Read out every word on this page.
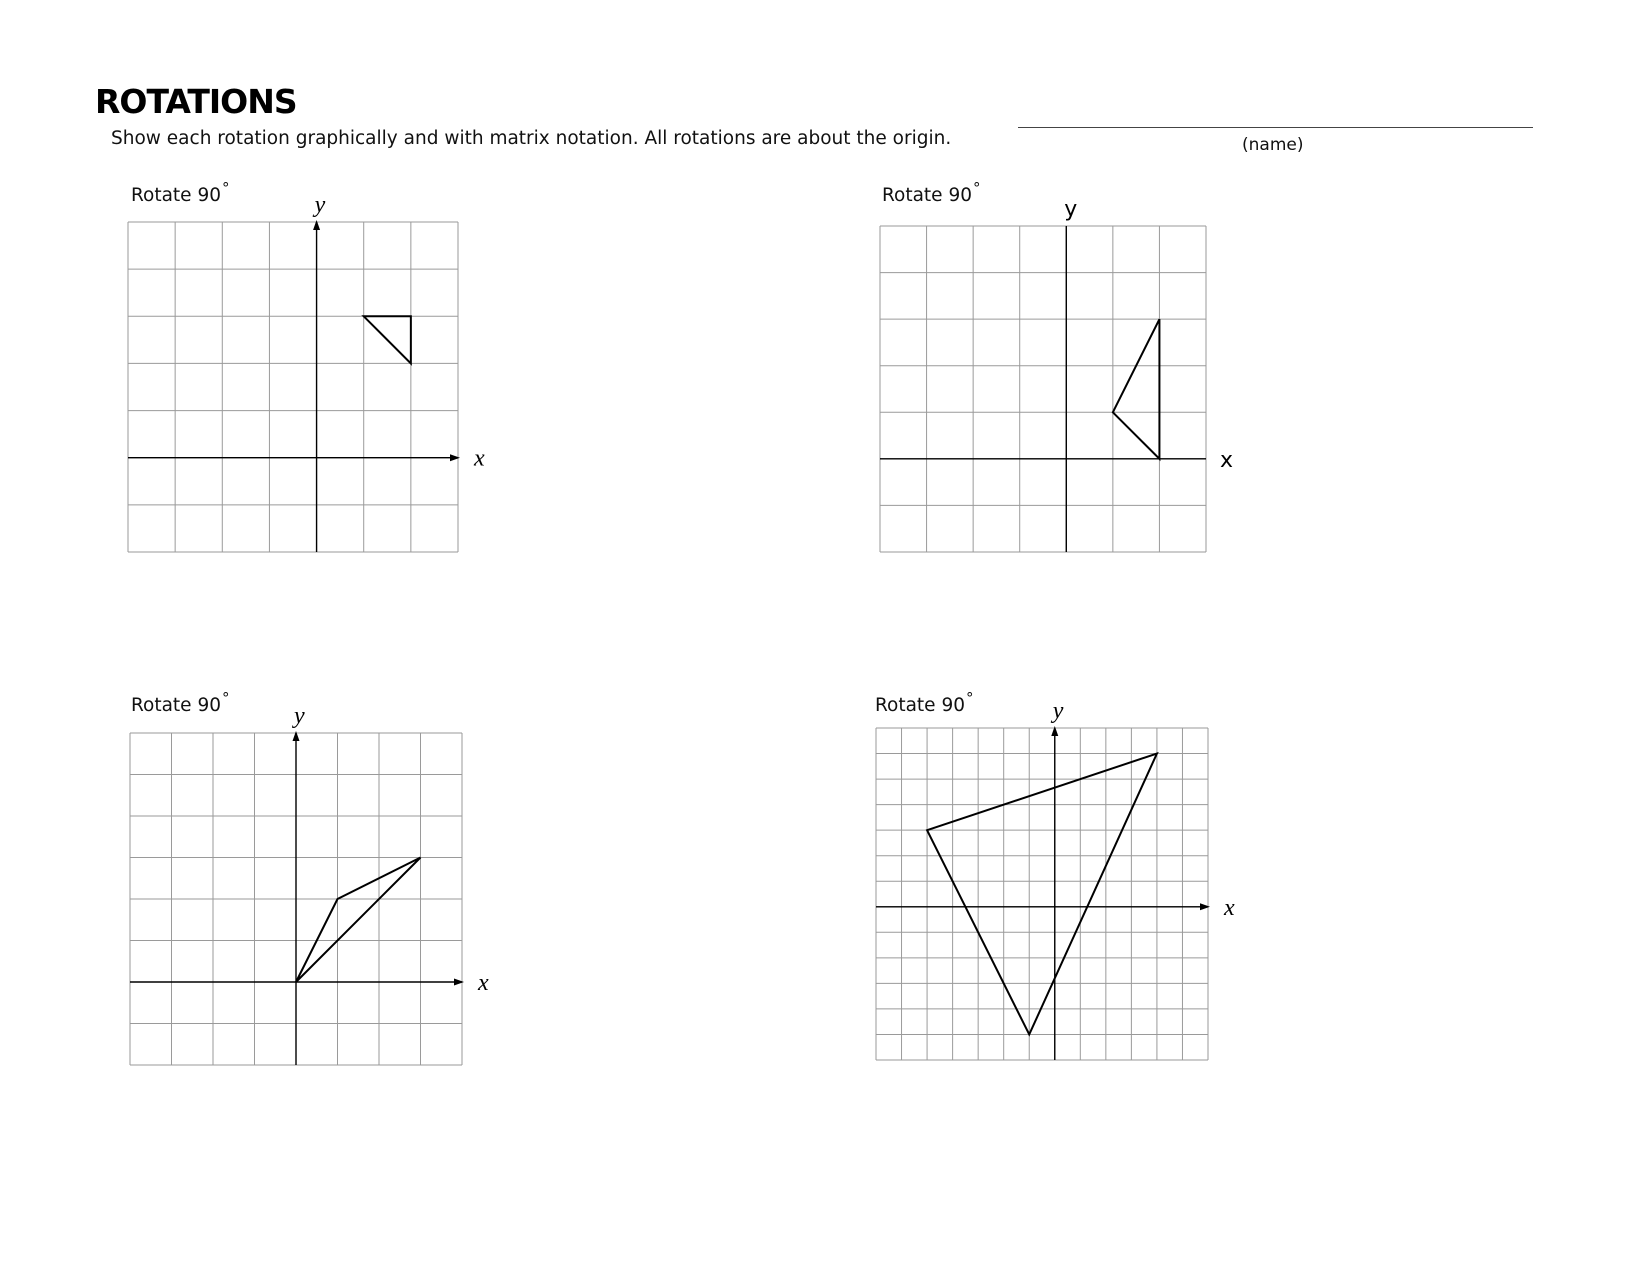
ROTATIONS
Show each rotation graphically and with matrix notation. All rotations are about the origin.	(name)
Rotate 90°
x
y	Rotate 90°
x
y
Rotate 90°
x
y	Rotate 90°
x
y
